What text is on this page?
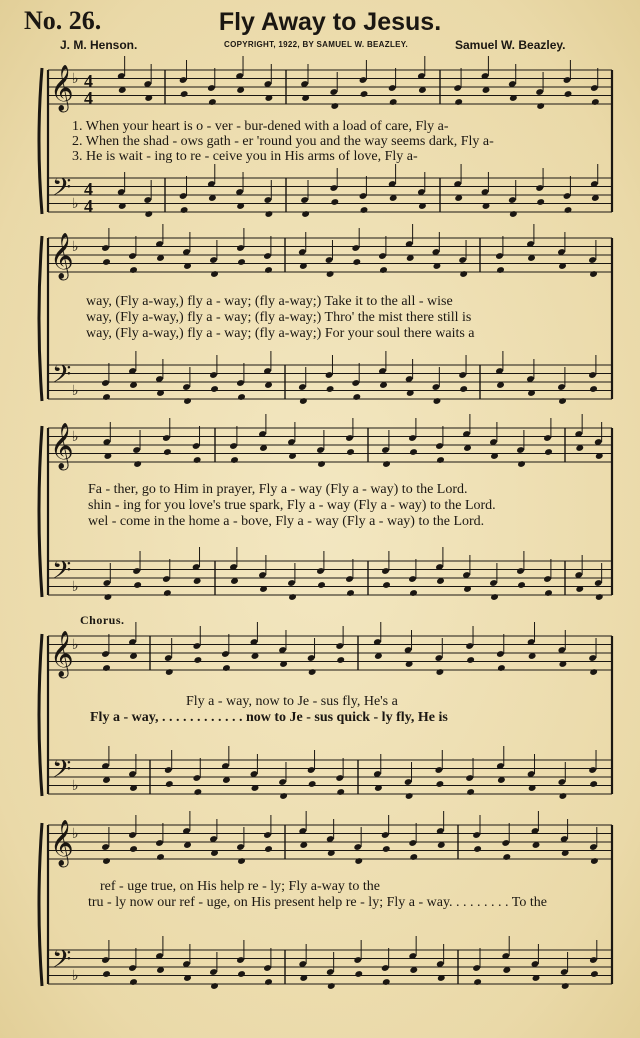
No. 26.	Fly Away to Jesus.
J. M. Henson.	COPYRIGHT, 1922, BY SAMUEL W. BEAZLEY.	Samuel W. Beazley.
𝄞
𝄢
♭
♭
4
4
4
4
𝄞
𝄢
♭
♭
𝄞
𝄢
♭
♭
𝄞
𝄢
♭
♭
𝄞
𝄢
♭
♭
1. When your heart is o - ver - bur-dened with a load of care, Fly a-
2. When the shad - ows gath - er 'round you and the way seems dark, Fly a-
3. He is wait - ing to re - ceive you in His arms of love, Fly a-
way, (Fly a-way,) fly a - way; (fly a-way;) Take it to the all - wise
way, (Fly a-way,) fly a - way; (fly a-way;) Thro' the mist there still is
way, (Fly a-way,) fly a - way; (fly a-way;) For your soul there waits a
Fa - ther, go to Him in prayer, Fly a - way (Fly a - way) to the Lord.
shin - ing for you love's true spark, Fly a - way (Fly a - way) to the Lord.
wel - come in the home a - bove, Fly a - way (Fly a - way) to the Lord.
Chorus.
Fly a - way, now to Je - sus fly, He's a
Fly a - way, . . . . . . . . . . . . now to Je - sus quick - ly fly, He is
ref - uge true, on His help re - ly; Fly a-way to the
tru - ly now our ref - uge, on His present help re - ly; Fly a - way. . . . . . . . . To the
